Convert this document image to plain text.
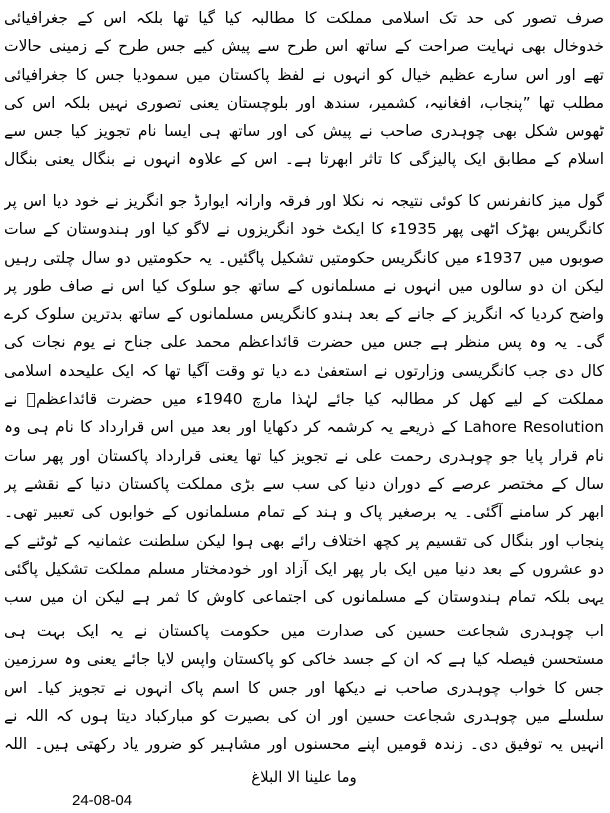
صرف تصور کی حد تک اسلامی مملکت کا مطالبہ کیا گیا تھا بلکہ اس کے جغرافیائی خدوخال بھی نہایت صراحت کے ساتھ اس طرح سے پیش کیے جس طرح کے زمینی حالات تھے اور اس سارے عظیم خیال کو انہوں نے لفظ پاکستان میں سمودیا جس کا جغرافیائی مطلب تھا ”پنجاب، افغانیہ، کشمیر، سندھ اور بلوچستان یعنی تصوری نہیں بلکہ اس کی ٹھوس شکل بھی چوہدری صاحب نے پیش کی اور ساتھ ہی ایسا نام تجویز کیا جس سے اسلام کے مطابق ایک پالیزگی کا تاثر ابھرتا ہے۔ اس کے علاوہ انہوں نے بنگال یعنی بنگال

گول میز کانفرنس کا کوئی نتیجہ نہ نکلا اور فرقہ وارانہ ایوارڈ جو انگریز نے خود دیا اس پر کانگریس بھڑک اٹھی پھر 1935ء کا ایکٹ خود انگریزوں نے لاگو کیا اور ہندوستان کے سات صوبوں میں 1937ء میں کانگریس حکومتیں تشکیل پاگئیں۔ یہ حکومتیں دو سال چلتی رہیں لیکن ان دو سالوں میں انہوں نے مسلمانوں کے ساتھ جو سلوک کیا اس نے صاف طور پر واضح کردیا کہ انگریز کے جانے کے بعد ہندو کانگریس مسلمانوں کے ساتھ بدترین سلوک کرے گی۔ یہ وہ پس منظر ہے جس میں حضرت قائداعظم محمد علی جناح نے یوم نجات کی کال دی جب کانگریسی وزارتوں نے استعفیٰ دے دیا تو وقت آگیا تھا کہ ایک علیحدہ اسلامی مملکت کے لیے کھل کر مطالبہ کیا جائے لہٰذا مارچ 1940ء میں حضرت قائداعظمؒ نے Lahore Resolution کے ذریعے یہ کرشمہ کر دکھایا اور بعد میں اس قرارداد کا نام ہی وہ نام قرار پایا جو چوہدری رحمت علی نے تجویز کیا تھا یعنی قرارداد پاکستان اور پھر سات سال کے مختصر عرصے کے دوران دنیا کی سب سے بڑی مملکت پاکستان دنیا کے نقشے پر ابھر کر سامنے آگئی۔ یہ برصغیر پاک و ہند کے تمام مسلمانوں کے خوابوں کی تعبیر تھی۔ پنجاب اور بنگال کی تقسیم پر کچھ اختلاف رائے بھی ہوا لیکن سلطنت عثمانیہ کے ٹوٹنے کے دو عشروں کے بعد دنیا میں ایک بار پھر ایک آزاد اور خودمختار مسلم مملکت تشکیل پاگئی یہی بلکہ تمام ہندوستان کے مسلمانوں کی اجتماعی کاوش کا ثمر ہے لیکن ان میں سب

اب چوہدری شجاعت حسین کی صدارت میں حکومت پاکستان نے یہ ایک بہت ہی مستحسن فیصلہ کیا ہے کہ ان کے جسد خاکی کو پاکستان واپس لایا جائے یعنی وہ سرزمین جس کا خواب چوہدری صاحب نے دیکھا اور جس کا اسم پاک انہوں نے تجویز کیا۔ اس سلسلے میں چوہدری شجاعت حسین اور ان کی بصیرت کو مبارکباد دیتا ہوں کہ اللہ نے انہیں یہ توفیق دی۔ زندہ قومیں اپنے محسنوں اور مشاہیر کو ضرور یاد رکھتی ہیں۔ اللہ

وما علینا الا البلاغ

24-08-04
